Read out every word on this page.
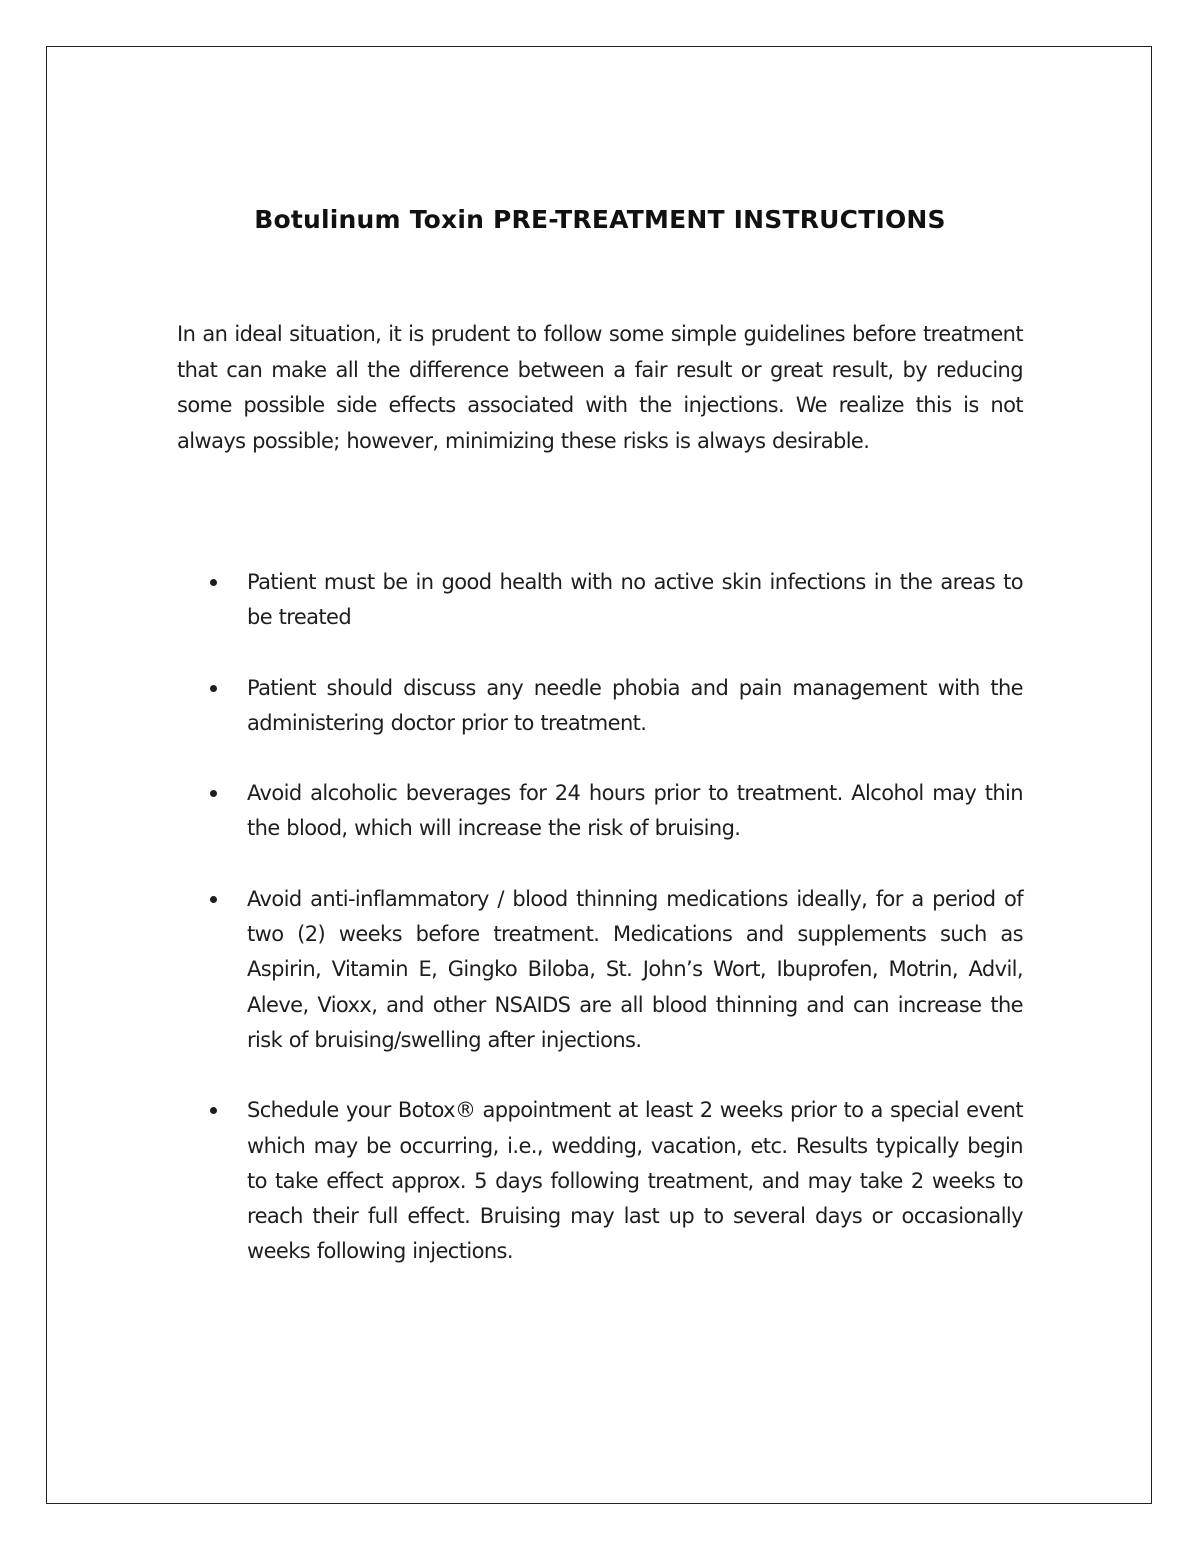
Botulinum Toxin PRE-TREATMENT INSTRUCTIONS

In an ideal situation, it is prudent to follow some simple guidelines before treatment that can make all the difference between a fair result or great result, by reducing some possible side effects associated with the injections. We realize this is not always possible; however, minimizing these risks is always desirable.

Patient must be in good health with no active skin infections in the areas to be treated
Patient should discuss any needle phobia and pain management with the administering doctor prior to treatment.
Avoid alcoholic beverages for 24 hours prior to treatment. Alcohol may thin the blood, which will increase the risk of bruising.
Avoid anti-inflammatory / blood thinning medications ideally, for a period of two (2) weeks before treatment. Medications and supplements such as Aspirin, Vitamin E, Gingko Biloba, St. John’s Wort, Ibuprofen, Motrin, Advil, Aleve, Vioxx, and other NSAIDS are all blood thinning and can increase the risk of bruising/swelling after injections.
Schedule your Botox® appointment at least 2 weeks prior to a special event which may be occurring, i.e., wedding, vacation, etc. Results typically begin to take effect approx. 5 days following treatment, and may take 2 weeks to reach their full effect. Bruising may last up to several days or occasionally weeks following injections.
